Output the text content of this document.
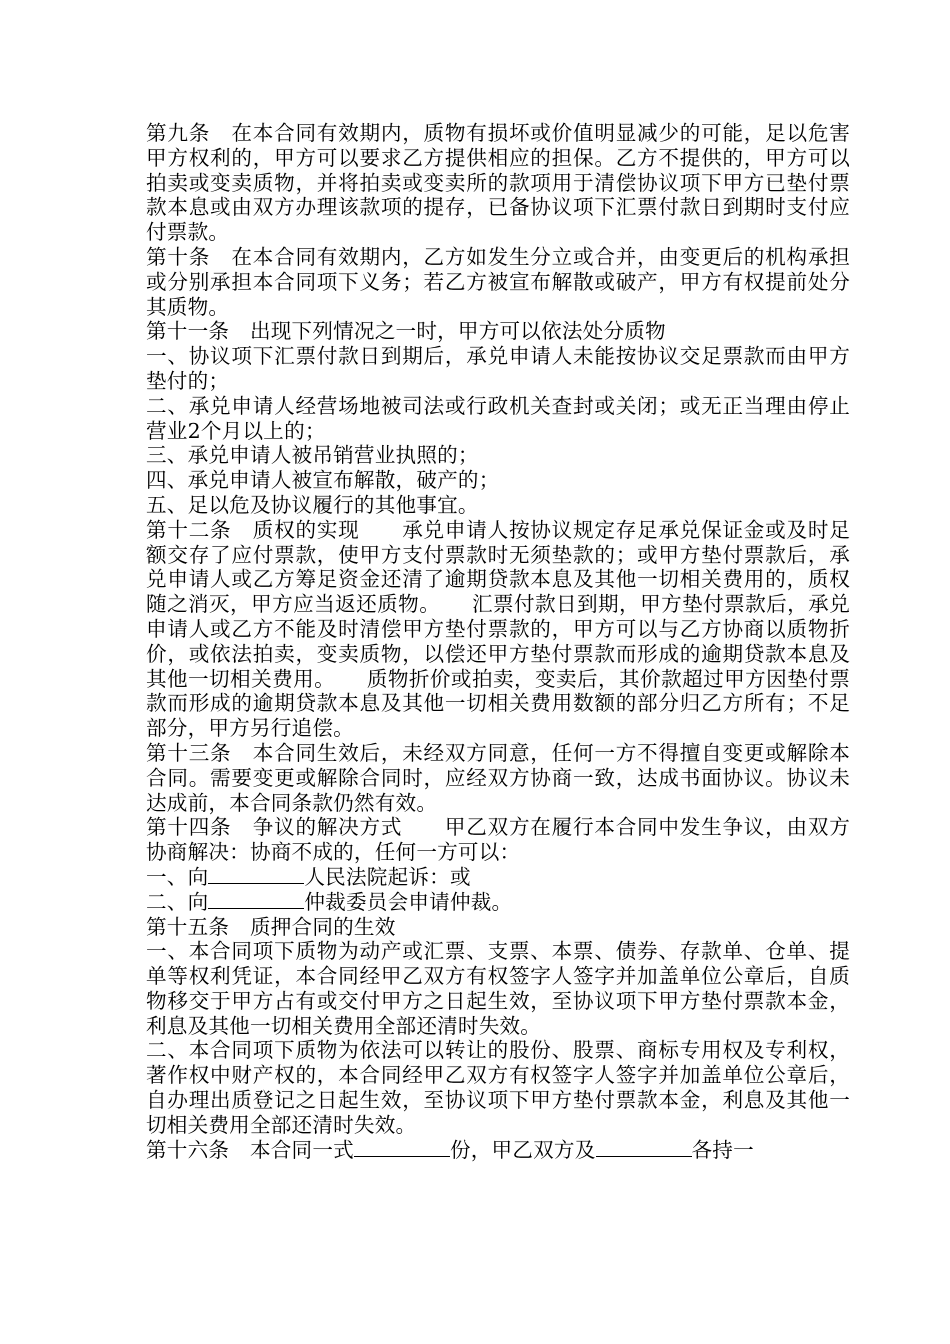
第九条　在本合同有效期内，质物有损坏或价值明显减少的可能，足以危害甲方权利的，甲方可以要求乙方提供相应的担保。乙方不提供的，甲方可以拍卖或变卖质物，并将拍卖或变卖所的款项用于清偿协议项下甲方已垫付票款本息或由双方办理该款项的提存，已备协议项下汇票付款日到期时支付应付票款。

第十条　在本合同有效期内，乙方如发生分立或合并，由变更后的机构承担或分别承担本合同项下义务；若乙方被宣布解散或破产，甲方有权提前处分其质物。

第十一条　出现下列情况之一时，甲方可以依法处分质物

一、协议项下汇票付款日到期后，承兑申请人未能按协议交足票款而由甲方垫付的；

二、承兑申请人经营场地被司法或行政机关查封或关闭；或无正当理由停止营业2个月以上的；

三、承兑申请人被吊销营业执照的；

四、承兑申请人被宣布解散，破产的；

五、足以危及协议履行的其他事宜。

第十二条　质权的实现　　承兑申请人按协议规定存足承兑保证金或及时足额交存了应付票款，使甲方支付票款时无须垫款的；或甲方垫付票款后，承兑申请人或乙方筹足资金还清了逾期贷款本息及其他一切相关费用的，质权随之消灭，甲方应当返还质物。　　汇票付款日到期，甲方垫付票款后，承兑申请人或乙方不能及时清偿甲方垫付票款的，甲方可以与乙方协商以质物折价，或依法拍卖，变卖质物，以偿还甲方垫付票款而形成的逾期贷款本息及其他一切相关费用。　　质物折价或拍卖，变卖后，其价款超过甲方因垫付票款而形成的逾期贷款本息及其他一切相关费用数额的部分归乙方所有；不足部分，甲方另行追偿。

第十三条　本合同生效后，未经双方同意，任何一方不得擅自变更或解除本合同。需要变更或解除合同时，应经双方协商一致，达成书面协议。协议未达成前，本合同条款仍然有效。

第十四条　争议的解决方式　　甲乙双方在履行本合同中发生争议，由双方协商解决：协商不成的，任何一方可以：

一、向	人民法院起诉：或

二、向	仲裁委员会申请仲裁。

第十五条　质押合同的生效

一、本合同项下质物为动产或汇票、支票、本票、债券、存款单、仓单、提单等权利凭证，本合同经甲乙双方有权签字人签字并加盖单位公章后，自质物移交于甲方占有或交付甲方之日起生效，至协议项下甲方垫付票款本金，利息及其他一切相关费用全部还清时失效。

二、本合同项下质物为依法可以转让的股份、股票、商标专用权及专利权，著作权中财产权的，本合同经甲乙双方有权签字人签字并加盖单位公章后，自办理出质登记之日起生效，至协议项下甲方垫付票款本金，利息及其他一切相关费用全部还清时失效。

第十六条　本合同一式	份，甲乙双方及	各持一
